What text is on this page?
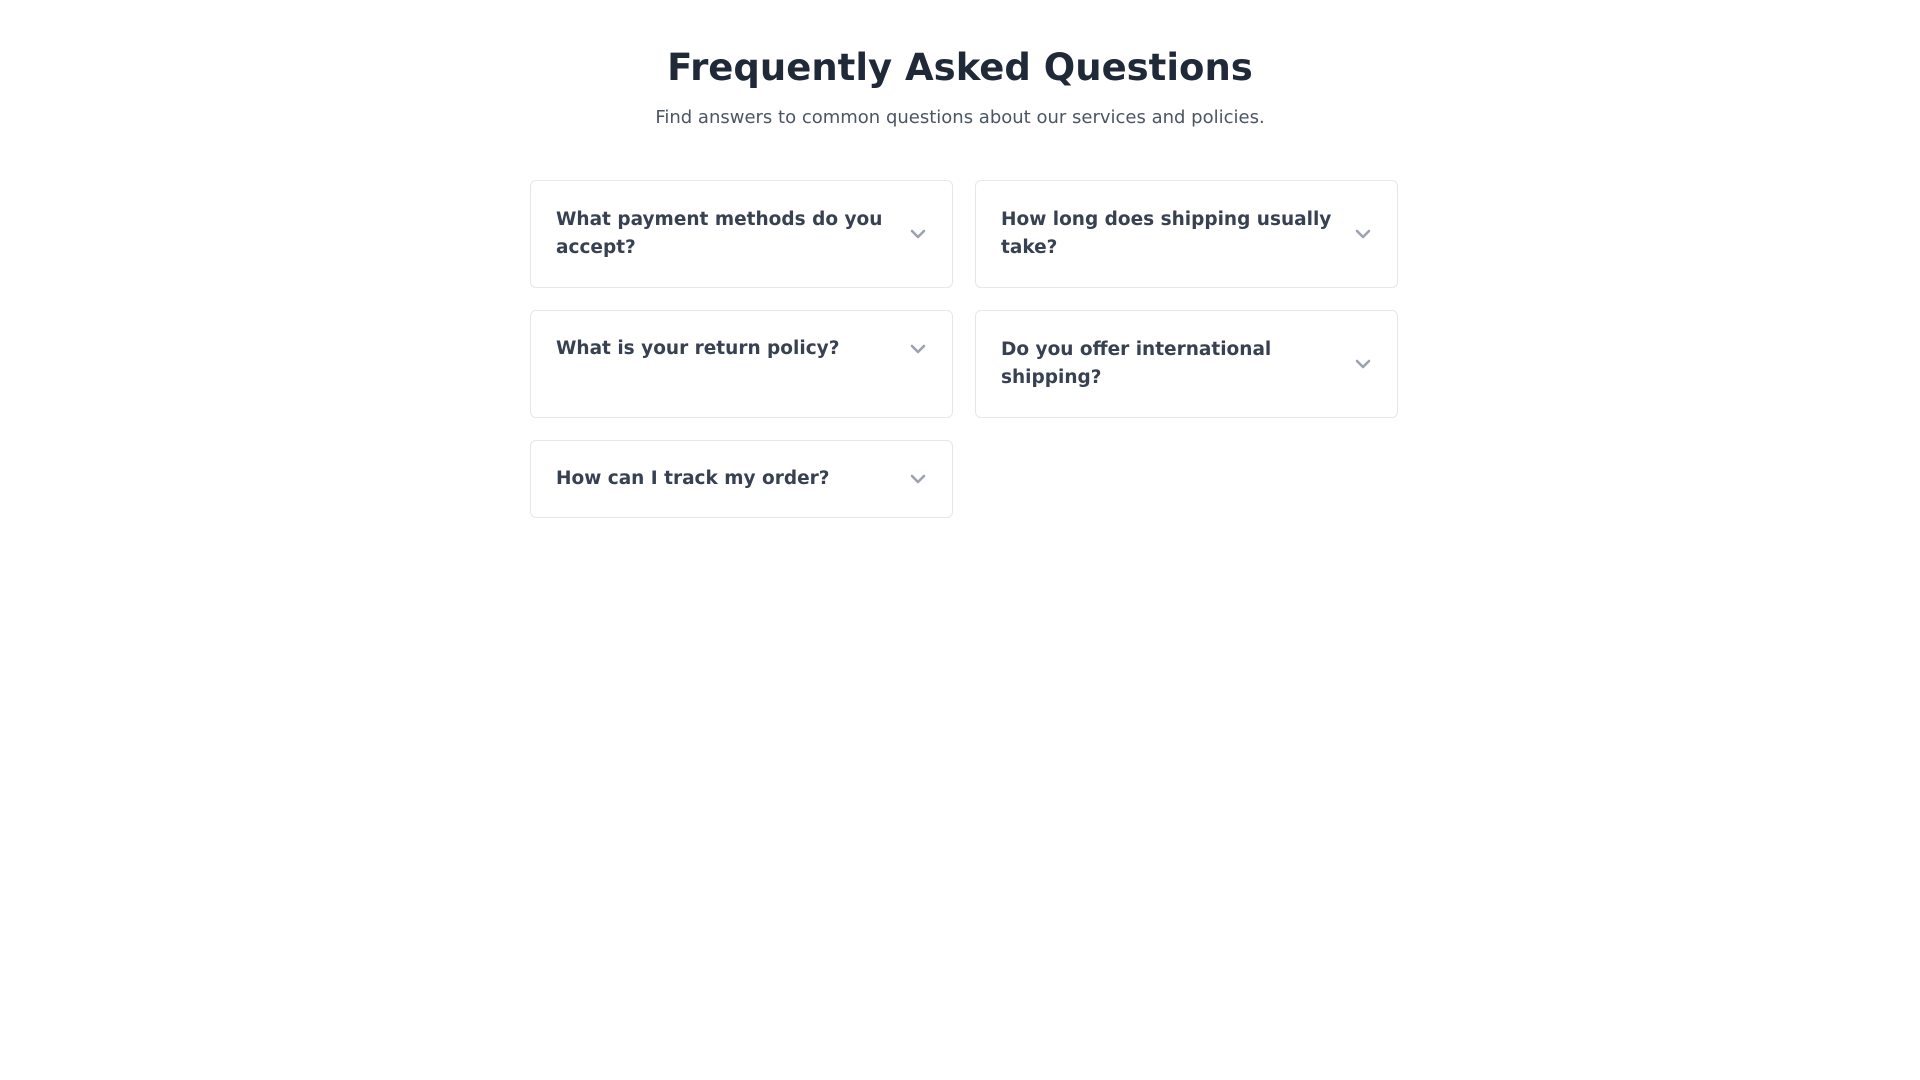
Frequently Asked Questions

Find answers to common questions about our services and policies.

What payment methods do you accept?
How long does shipping usually take?
What is your return policy?	Do you offer international shipping?
How can I track my order?
